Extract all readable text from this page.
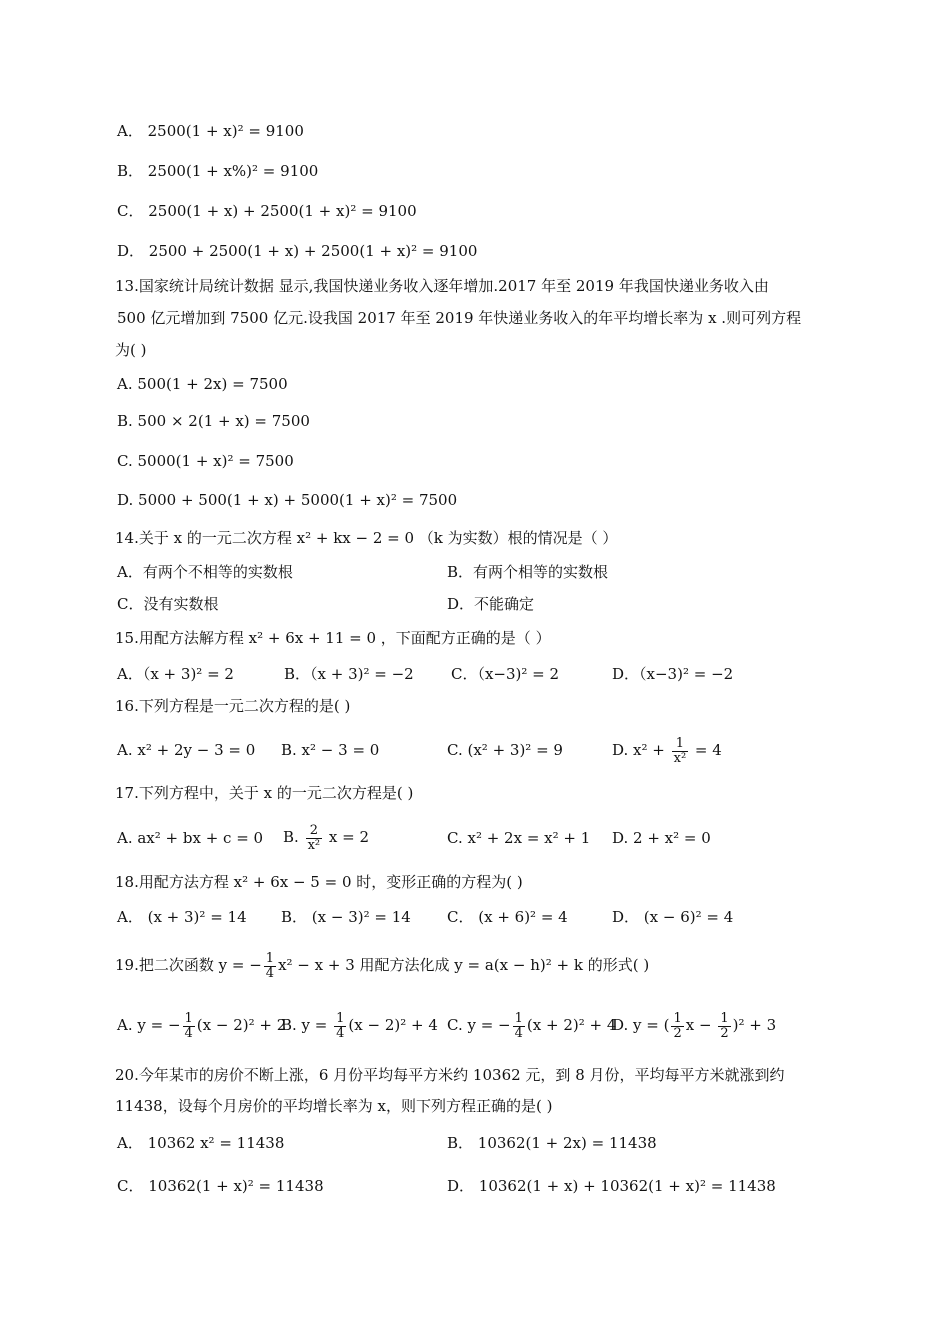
A． 2500(1 + x)² = 9100
B． 2500(1 + x%)² = 9100
C． 2500(1 + x) + 2500(1 + x)² = 9100
D． 2500 + 2500(1 + x) + 2500(1 + x)² = 9100
13.国家统计局统计数据 显示,我国快递业务收入逐年增加.2017 年至 2019 年我国快递业务收入由
500 亿元增加到 7500 亿元.设我国 2017 年至 2019 年快递业务收入的年平均增长率为 x .则可列方程
为( )
A. 500(1 + 2x) = 7500
B. 500 × 2(1 + x) = 7500
C. 5000(1 + x)² = 7500
D. 5000 + 500(1 + x) + 5000(1 + x)² = 7500
14.关于 x 的一元二次方程 x² + kx − 2 = 0 （k 为实数）根的情况是（ ）
A．有两个不相等的实数根	B．有两个相等的实数根
C．没有实数根	D．不能确定
15.用配方法解方程 x² + 6x + 11 = 0 ，下面配方正确的是（ ）
A．（x + 3)² = 2	B．（x + 3)² = −2 C．（x−3)² = 2	D．（x−3)² = −2
16.下列方程是一元二次方程的是( )
A. x² + 2y − 3 = 0 B. x² − 3 = 0	C. (x² + 3)² = 9	D. $x^2 + \frac{1}{\text{x²}} = 4$
17.下列方程中，关于 x 的一元二次方程是( )
A. ax² + bx + c = 0 B. $\frac{2}{\text{x²}}$ x = 2	C. x² + 2x = x² + 1 D. 2 + x² = 0
18.用配方法方程 x² + 6x − 5 = 0 时，变形正确的方程为( )
A． (x + 3)² = 14 B． (x − 3)² = 14 C． (x + 6)² = 4	D． (x − 6)² = 4
19.把二次函数 y = − $\frac{1}{4} x^2 - x + 3$ 用配方法化成 y = a(x − h)² + k 的形式( )
A. y = − $\frac{1}{4} (x - 2)^2 + 2$
B. $y = \frac{1}{4} (x - 2)^2 + 4$ C. y = − $\frac{1}{4} (x + 2)^2 + 4$
D. y = ( $\frac{1}{2}$ $x - \frac{1}{2} )^2 + 3$
20.今年某市的房价不断上涨，6 月份平均每平方米约 10362 元，到 8 月份，平均每平方米就涨到约
11438，设每个月房价的平均增长率为 x，则下列方程正确的是( )
A． 10362 x² = 11438	B． 10362(1 + 2x) = 11438
C． 10362(1 + x)² = 11438	D． 10362(1 + x) + 10362(1 + x)² = 11438
